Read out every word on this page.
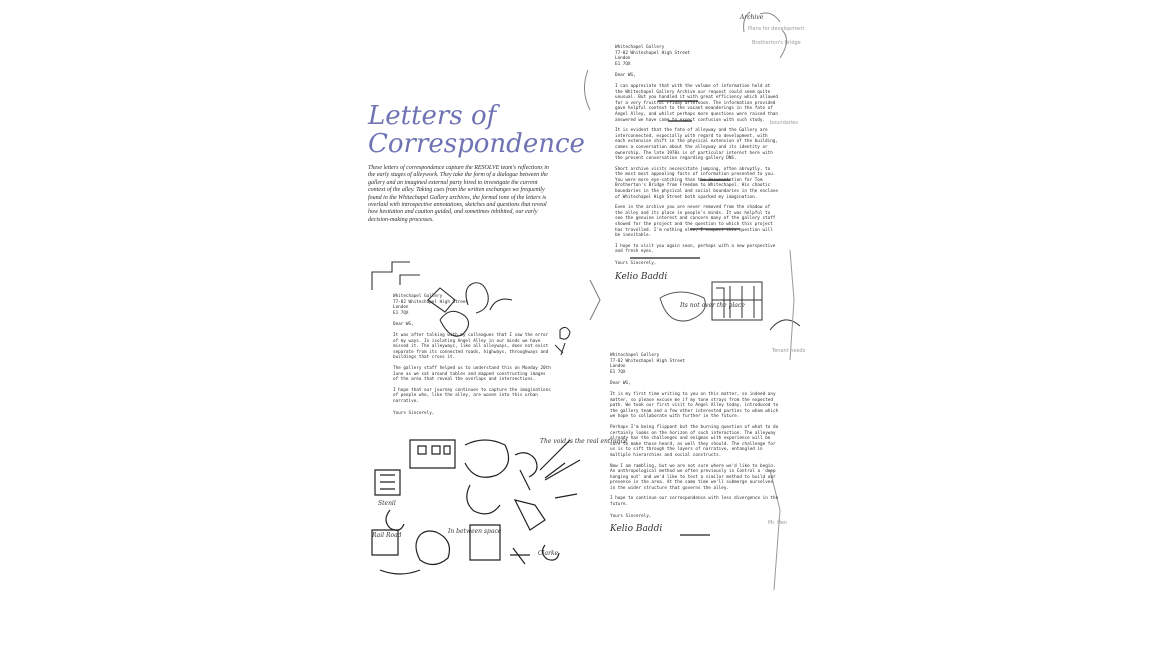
Letters of
Correspondence

These letters of correspondence capture the RESOLVE team's reflections in the early stages of alleywork. They take the form of a dialogue between the gallery and an imagined external party hired to investigate the current context of the alley. Taking cues from the written exchanges we frequently found in the Whitechapel Gallery archives, the formal tone of the letters is overlaid with introspective annotations, sketches and questions that reveal how hesitation and caution guided, and sometimes inhibited, our early decision-making processes.

Whitechapel Gallery
77-82 Whitechapel High Street
London
E1 7QX
Dear WG,

It was after talking with my colleagues that I saw the error of my ways. In isolating Angel Alley in our minds we have missed it. The alleyways, like all alleyways, does not exist separate from its connected roads, highways, throughways and buildings that cross it.

The gallery staff helped us to understand this on Monday 20th June as we sat around tables and mapped constructing images of the area that reveal the overlaps and intersections.

I hope that our journey continues to capture the imaginations of people who, like the alley, are woven into this urban narrative.

Yours Sincerely,
Whitechapel Gallery
77-82 Whitechapel High Street
London
E1 7QX
Dear WG,

I can appreciate that with the volume of information held at the Whitechapel Gallery Archive our request could seem quite unusual. But you handled it with great efficiency which allowed for a very fruitful Friday afternoon. The information provided gave helpful context to the vacant meanderings in the fate of Angel Alley, and whilst perhaps more questions were raised than answered we have come to expect confusion with such study.

It is evident that the fate of alleyway and the Gallery are interconnected, especially with regard to development, with each extension shift in the physical extension of the building, comes a conversation about the alleyway and its identity or ownership. The late 1970s is of particular interest here with the present conversation regarding gallery DNS.

Short archive visits necessitate jumping, often abruptly, to the most most appealing facts of information presented to you. You were more eye-catching than the documentation for Tom Brotherton's Bridge from Freedom to Whitechapel. His chaotic boundaries in the physical and social boundaries in the enclave of Whitechapel High Street both sparked my imagination.

Even in the archive you are never removed from the shadow of the alley and its place in people's minds. It was helpful to see the genuine interest and concern many of the gallery staff showed for the project and the question to which this project has travelled. I'm nothing else, I suspect this question will be inevitable.

I hope to visit you again soon, perhaps with a new perspective and fresh eyes.

Yours Sincerely,
Kelio Baddi
Whitechapel Gallery
77-82 Whitechapel High Street
London
E1 7QX
Dear WG,

It is my first time writing to you on this matter, so indeed any matter, so please excuse me if my tone strays from the expected path. We took our first visit to Angel Alley today, introduced to the gallery team and a few other interested parties to whom which we hope to collaborate with further in the future.

Perhaps I'm being flippant but the burning question of what to do certainly looms on the horizon of such interaction. The alleyway already has the challenges and enigmas with experience will be sure to make those heard, as well they should. The challenge for us is to sift through the layers of narrative, entangled in multiple hierarchies and social constructs.

Now I am rambling, but we are not sure where we'd like to begin. An anthropological method we often previously in Control a 'deep hanging out' and we'd like to test a similar method to build our presence in the area. At the same time we'll submerge ourselves in the wider structure that governs the alley.

I hope to continue our correspondence with less divergence in the future.

Yours Sincerely,
Kelio Baddi
Archive
Plans for development
Brotherton's Bridge
In between space
Stenil
The void is the real entrance
Its not over the place
Rail Road
Clarke
Tenant needs
boundaries
Mr. Hen
